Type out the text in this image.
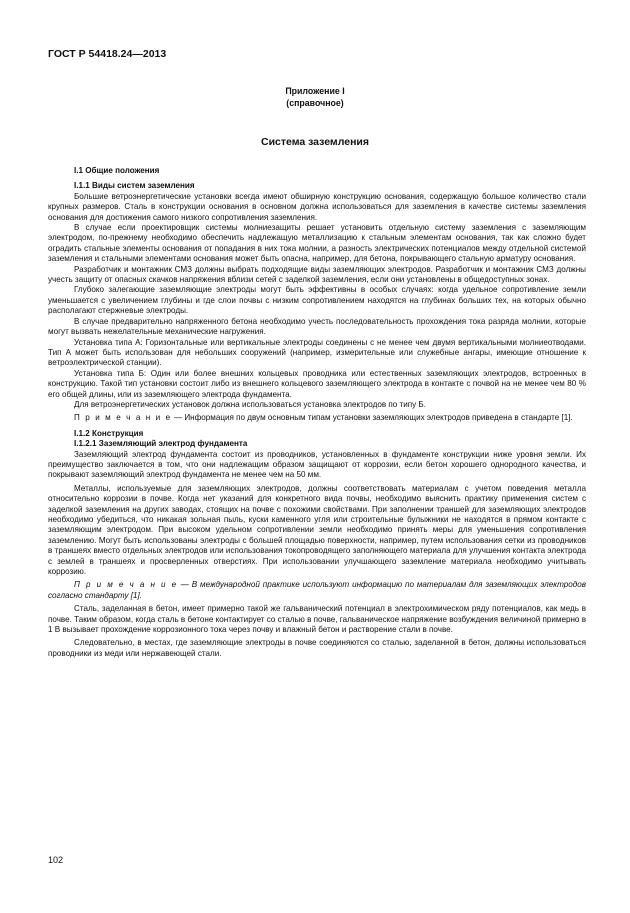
ГОСТ Р 54418.24—2013
Приложение I
(справочное)
Система заземления
I.1 Общие положения
I.1.1 Виды систем заземления

Большие ветроэнергетические установки всегда имеют обширную конструкцию основания, содержащую большое количество стали крупных размеров. Сталь в конструкции основания в основном должна использоваться для заземления в качестве системы заземления основания для достижения самого низкого сопротивления заземления.

В случае если проектировщик системы молниезащиты решает установить отдельную систему заземления с заземляющим электродом, по-прежнему необходимо обеспечить надлежащую металлизацию к стальным элементам основания, так как сложно будет оградить стальные элементы основания от попадания в них тока молнии, а разность электрических потенциалов между отдельной системой заземления и стальными элементами основания может быть опасна, например, для бетона, покрывающего стальную арматуру основания.

Разработчик и монтажник СМЗ должны выбрать подходящие виды заземляющих электродов. Разработчик и монтажник СМЗ должны учесть защиту от опасных скачков напряжения вблизи сетей с заделкой заземления, если они установлены в общедоступных зонах.

Глубоко залегающие заземляющие электроды могут быть эффективны в особых случаях: когда удельное сопротивление земли уменьшается с увеличением глубины и где слои почвы с низким сопротивлением находятся на глубинах больших тех, на которых обычно располагают стержневые электроды.

В случае предварительно напряженного бетона необходимо учесть последовательность прохождения тока разряда молнии, которые могут вызвать нежелательные механические нагружения.

Установка типа А: Горизонтальные или вертикальные электроды соединены с не менее чем двумя вертикальными молниеотводами. Тип А может быть использован для небольших сооружений (например, измерительные или служебные ангары, имеющие отношение к ветроэлектрической станции).

Установка типа Б: Один или более внешних кольцевых проводника или естественных заземляющих электродов, встроенных в конструкцию. Такой тип установки состоит либо из внешнего кольцевого заземляющего электрода в контакте с почвой на не менее чем 80 % его общей длины, или из заземляющего электрода фундамента.

Для ветроэнергетических установок должна использоваться установка электродов по типу Б.

П р и м е ч а н и е — Информация по двум основным типам установки заземляющих электродов приведена в стандарте [1].

I.1.2 Конструкция
I.1.2.1 Заземляющий электрод фундамента

Заземляющий электрод фундамента состоит из проводников, установленных в фундаменте конструкции ниже уровня земли. Их преимущество заключается в том, что они надлежащим образом защищают от коррозии, если бетон хорошего однородного качества, и покрывают заземляющий электрод фундамента не менее чем на 50 мм.

Металлы, используемые для заземляющих электродов, должны соответствовать материалам с учетом поведения металла относительно коррозии в почве. Когда нет указаний для конкретного вида почвы, необходимо выяснить практику применения систем с заделкой заземления на других заводах, стоящих на почве с похожими свойствами. При заполнении траншей для заземляющих электродов необходимо убедиться, что никакая зольная пыль, куски каменного угля или строительные булыжники не находятся в прямом контакте с заземляющим электродом. При высоком удельном сопротивлении земли необходимо принять меры для уменьшения сопротивления заземлению. Могут быть использованы электроды с большей площадью поверхности, например, путем использования сетки из проводников в траншеях вместо отдельных электродов или использования токопроводящего заполняющего материала для улучшения контакта электрода с землей в траншеях и просверленных отверстиях. При использовании улучшающего заземление материала необходимо учитывать коррозию.

П р и м е ч а н и е — В международной практике используют информацию по материалам для заземляющих электродов согласно стандарту [1].

Сталь, заделанная в бетон, имеет примерно такой же гальванический потенциал в электрохимическом ряду потенциалов, как медь в почве. Таким образом, когда сталь в бетоне контактирует со сталью в почве, гальваническое напряжение возбуждения величиной примерно в 1 В вызывает прохождение коррозионного тока через почву и влажный бетон и растворение стали в почве.

Следовательно, в местах, где заземляющие электроды в почве соединяются со сталью, заделанной в бетон, должны использоваться проводники из меди или нержавеющей стали.

102
